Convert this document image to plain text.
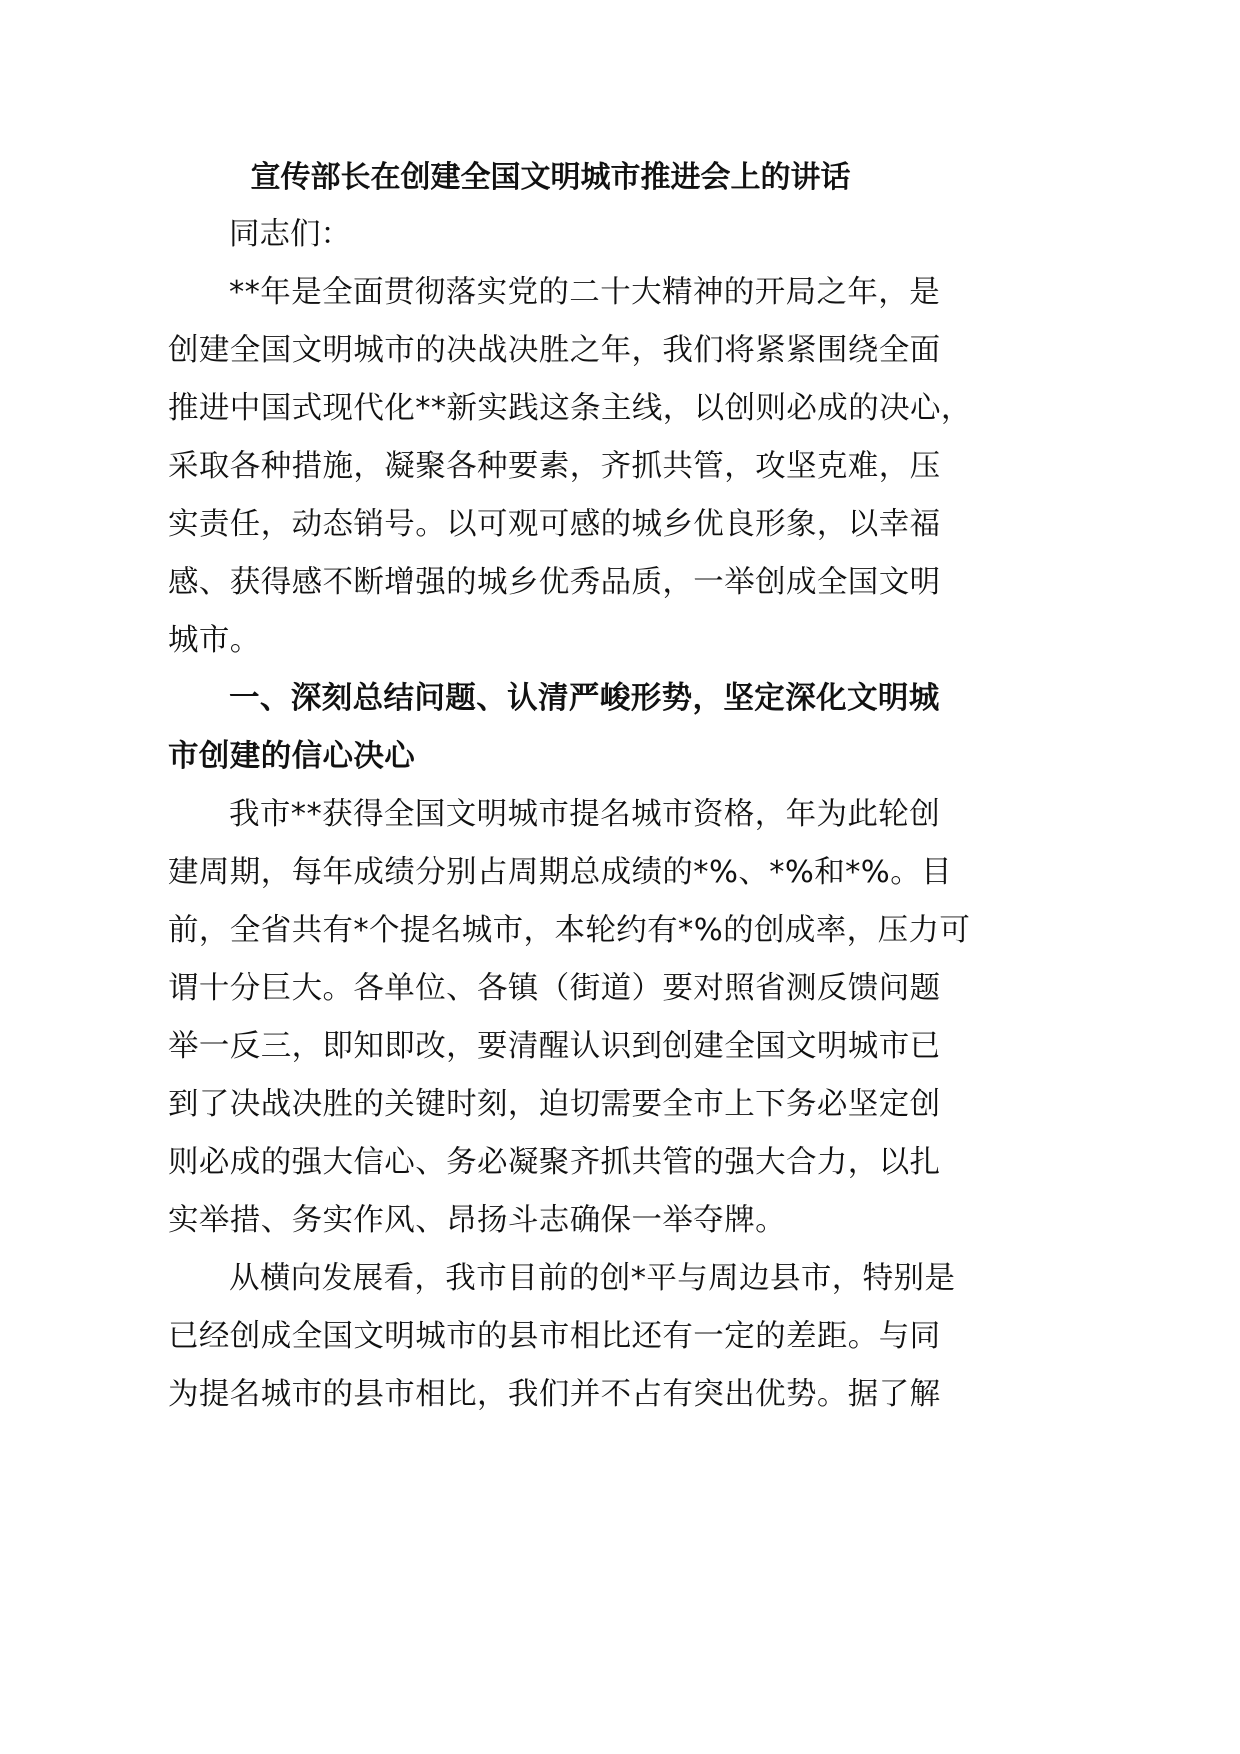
宣传部长在创建全国文明城市推进会上的讲话

同志们：

**年是全面贯彻落实党的二十大精神的开局之年，是
创建全国文明城市的决战决胜之年，我们将紧紧围绕全面
推进中国式现代化**新实践这条主线，以创则必成的决心，
采取各种措施，凝聚各种要素，齐抓共管，攻坚克难，压
实责任，动态销号。以可观可感的城乡优良形象，以幸福
感、获得感不断增强的城乡优秀品质，一举创成全国文明
城市。
一、深刻总结问题、认清严峻形势，坚定深化文明城
市创建的信心决心
我市**获得全国文明城市提名城市资格，年为此轮创
建周期，每年成绩分别占周期总成绩的*%、*%和*%。目
前，全省共有*个提名城市，本轮约有*%的创成率，压力可
谓十分巨大。各单位、各镇（街道）要对照省测反馈问题
举一反三，即知即改，要清醒认识到创建全国文明城市已
到了决战决胜的关键时刻，迫切需要全市上下务必坚定创
则必成的强大信心、务必凝聚齐抓共管的强大合力，以扎
实举措、务实作风、昂扬斗志确保一举夺牌。
从横向发展看，我市目前的创*平与周边县市，特别是
已经创成全国文明城市的县市相比还有一定的差距。与同
为提名城市的县市相比，我们并不占有突出优势。据了解
